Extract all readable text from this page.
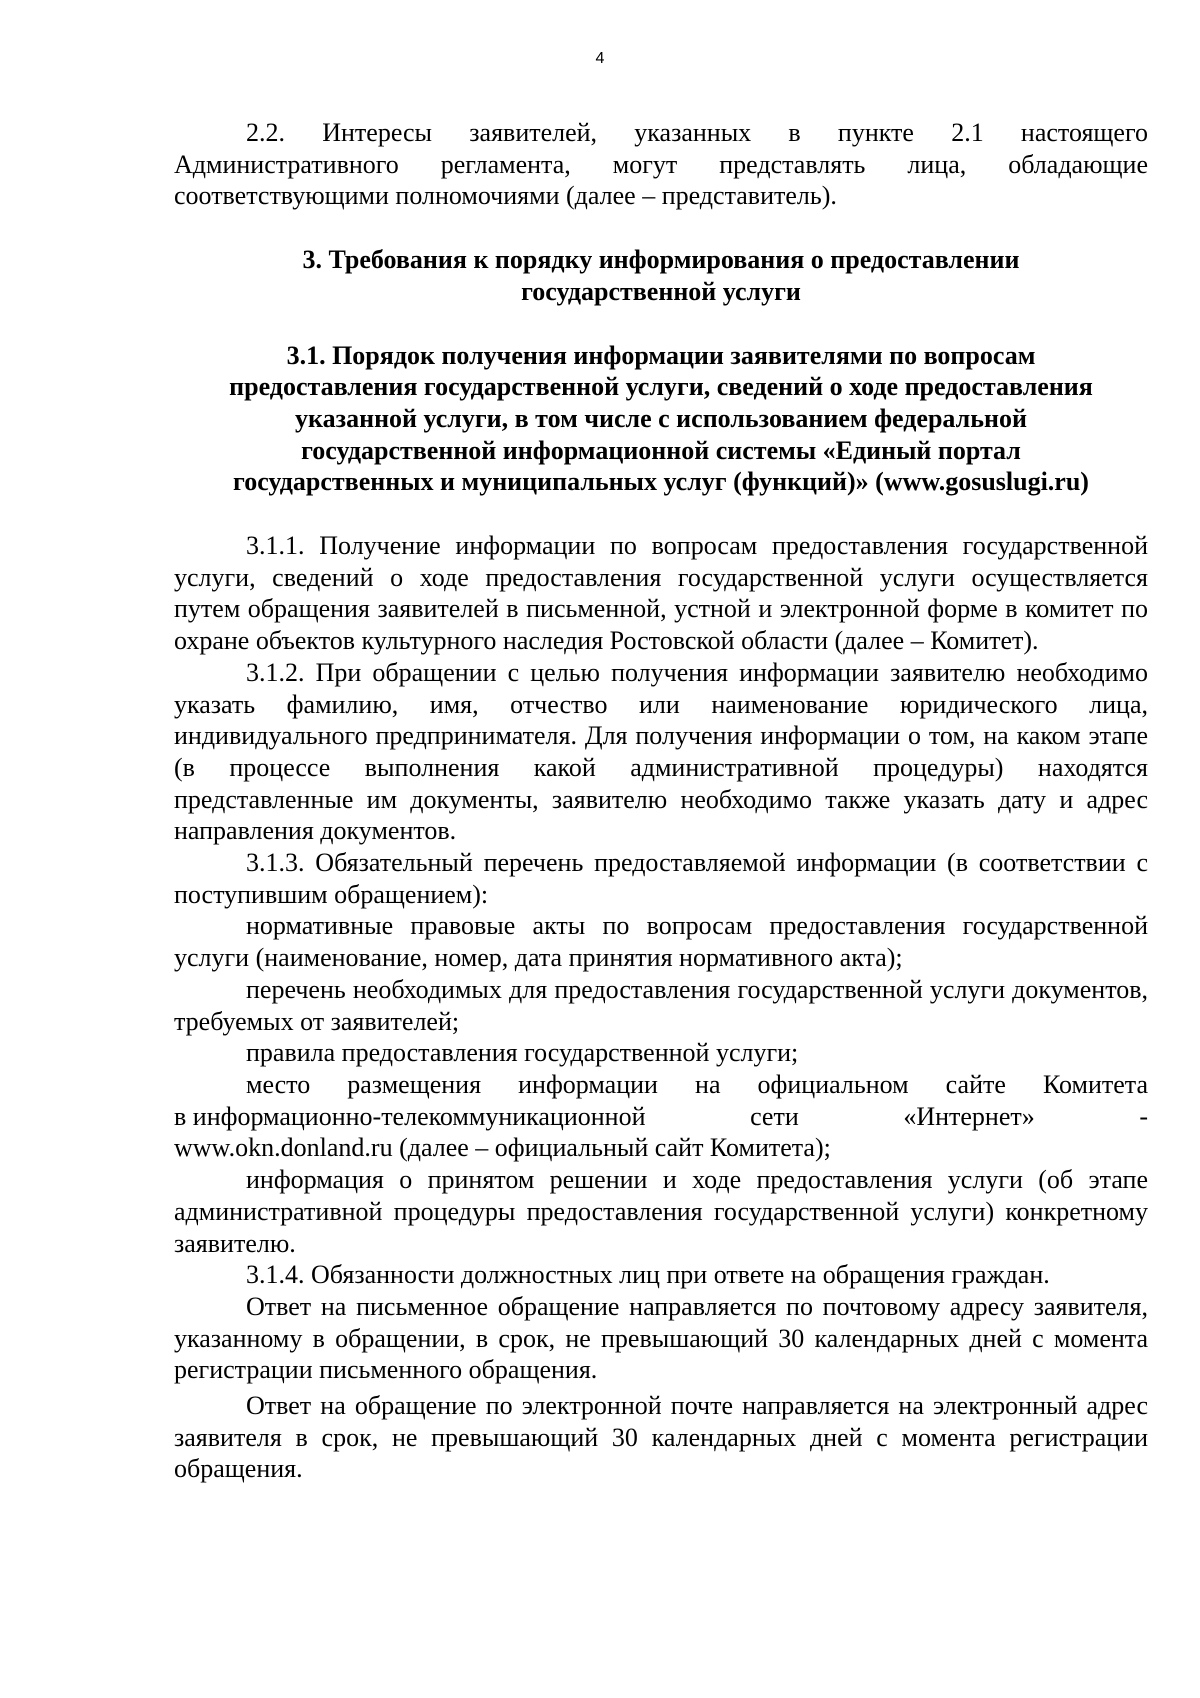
4

2.2. Интересы заявителей, указанных в пункте 2.1 настоящего Административного регламента, могут представлять лица, обладающие соответствующими полномочиями (далее – представитель).

3. Требования к порядку информирования о предоставлении
государственной услуги
3.1. Порядок получения информации заявителями по вопросам
предоставления государственной услуги, сведений о ходе предоставления
указанной услуги, в том числе с использованием федеральной
государственной информационной системы «Единый портал
государственных и муниципальных услуг (функций)» (www.gosuslugi.ru)

3.1.1. Получение информации по вопросам предоставления государственной услуги, сведений о ходе предоставления государственной услуги осуществляется путем обращения заявителей в письменной, устной и электронной форме в комитет по охране объектов культурного наследия Ростовской области (далее – Комитет).

3.1.2. При обращении с целью получения информации заявителю необходимо указать фамилию, имя, отчество или наименование юридического лица, индивидуального предпринимателя. Для получения информации о том, на каком этапе (в процессе выполнения какой административной процедуры) находятся представленные им документы, заявителю необходимо также указать дату и адрес направления документов.

3.1.3. Обязательный перечень предоставляемой информации (в соответствии с поступившим обращением):

нормативные правовые акты по вопросам предоставления государственной услуги (наименование, номер, дата принятия нормативного акта);

перечень необходимых для предоставления государственной услуги документов, требуемых от заявителей;

правила предоставления государственной услуги;

место размещения информации на официальном сайте Комитета

в информационно-телекоммуникационной	сети	«Интернет»	-
www.okn.donland.ru (далее – официальный сайт Комитета);

информация о принятом решении и ходе предоставления услуги (об этапе административной процедуры предоставления государственной услуги) конкретному заявителю.

3.1.4. Обязанности должностных лиц при ответе на обращения граждан.

Ответ на письменное обращение направляется по почтовому адресу заявителя, указанному в обращении, в срок, не превышающий 30 календарных дней с момента регистрации письменного обращения.

Ответ на обращение по электронной почте направляется на электронный адрес заявителя в срок, не превышающий 30 календарных дней с момента регистрации обращения.
